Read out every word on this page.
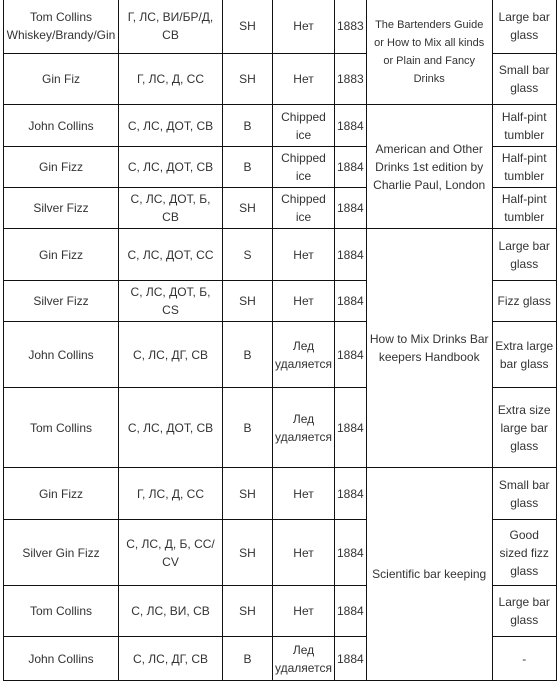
Tom Collins Whiskey/Brandy/Gin	Г, ЛС, ВИ/БР/Д, СВ	SH	Нет	1883	The Bartenders Guide or How to Mix all kinds or Plain and Fancy Drinks	Large bar glass
Gin Fiz	Г, ЛС, Д, СС	SH	Нет	1883		Small bar glass
John Collins	С, ЛС, ДОТ, СВ	B	Chipped ice	1884	American and Other Drinks 1st edition by Charlie Paul, London	Half-pint tumbler
Gin Fizz	С, ЛС, ДОТ, СВ	B	Chipped ice	1884		Half-pint tumbler
Silver Fizz	С, ЛС, ДОТ, Б, СВ	SH	Chipped ice	1884		Half-pint tumbler
Gin Fizz	С, ЛС, ДОТ, СС	S	Нет	1884	How to Mix Drinks Bar keepers Handbook	Large bar glass
Silver Fizz	С, ЛС, ДОТ, Б, CS	SH	Нет	1884		Fizz glass
John Collins	С, ЛС, ДГ, СВ	B	Лед удаляется	1884		Extra large bar glass
Tom Collins	С, ЛС, ДОТ, СВ	B	Лед удаляется	1884		Extra size large bar glass
Gin Fizz	Г, ЛС, Д, СС	SH	Нет	1884	Scientific bar keeping	Small bar glass
Silver Gin Fizz	С, ЛС, Д, Б, СС/ CV	SH	Нет	1884		Good sized fizz glass
Tom Collins	С, ЛС, ВИ, СВ	SH	Нет	1884		Large bar glass
John Collins	С, ЛС, ДГ, СВ	B	Лед удаляется	1884		-
